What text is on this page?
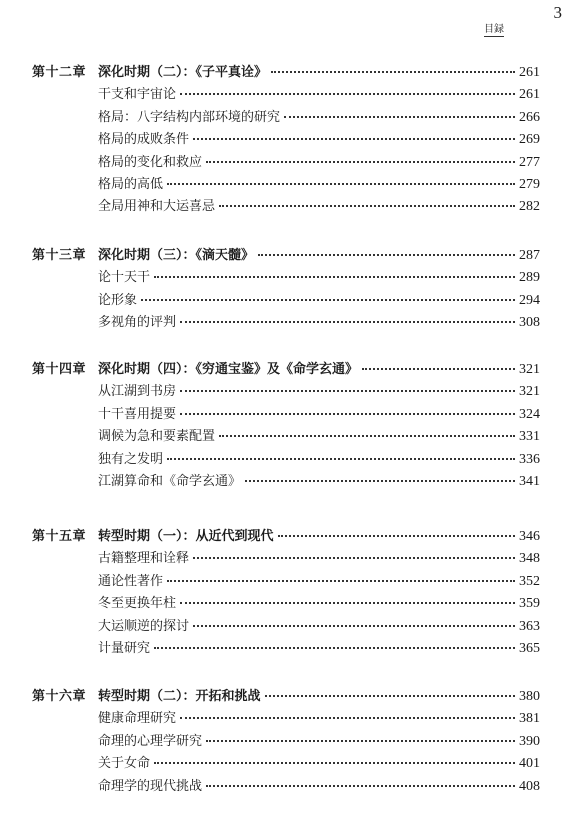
3
目録
第十二章 深化时期（二）：《子平真诠》	261
干支和宇宙论	261
格局：八字结构内部环境的研究	266
格局的成败条件	269
格局的变化和救应	277
格局的高低	279
全局用神和大运喜忌	282
第十三章 深化时期（三）：《滴天髓》	287
论十天干	289
论形象	294
多视角的评判	308
第十四章 深化时期（四）：《穷通宝鉴》及《命学玄通》	321
从江湖到书房	321
十干喜用提要	324
调候为急和要素配置	331
独有之发明	336
江湖算命和《命学玄通》	341
第十五章 转型时期（一）：从近代到现代	346
古籍整理和诠释	348
通论性著作	352
冬至更换年柱	359
大运顺逆的探讨	363
计量研究	365
第十六章 转型时期（二）：开拓和挑战	380
健康命理研究	381
命理的心理学研究	390
关于女命	401
命理学的现代挑战	408
